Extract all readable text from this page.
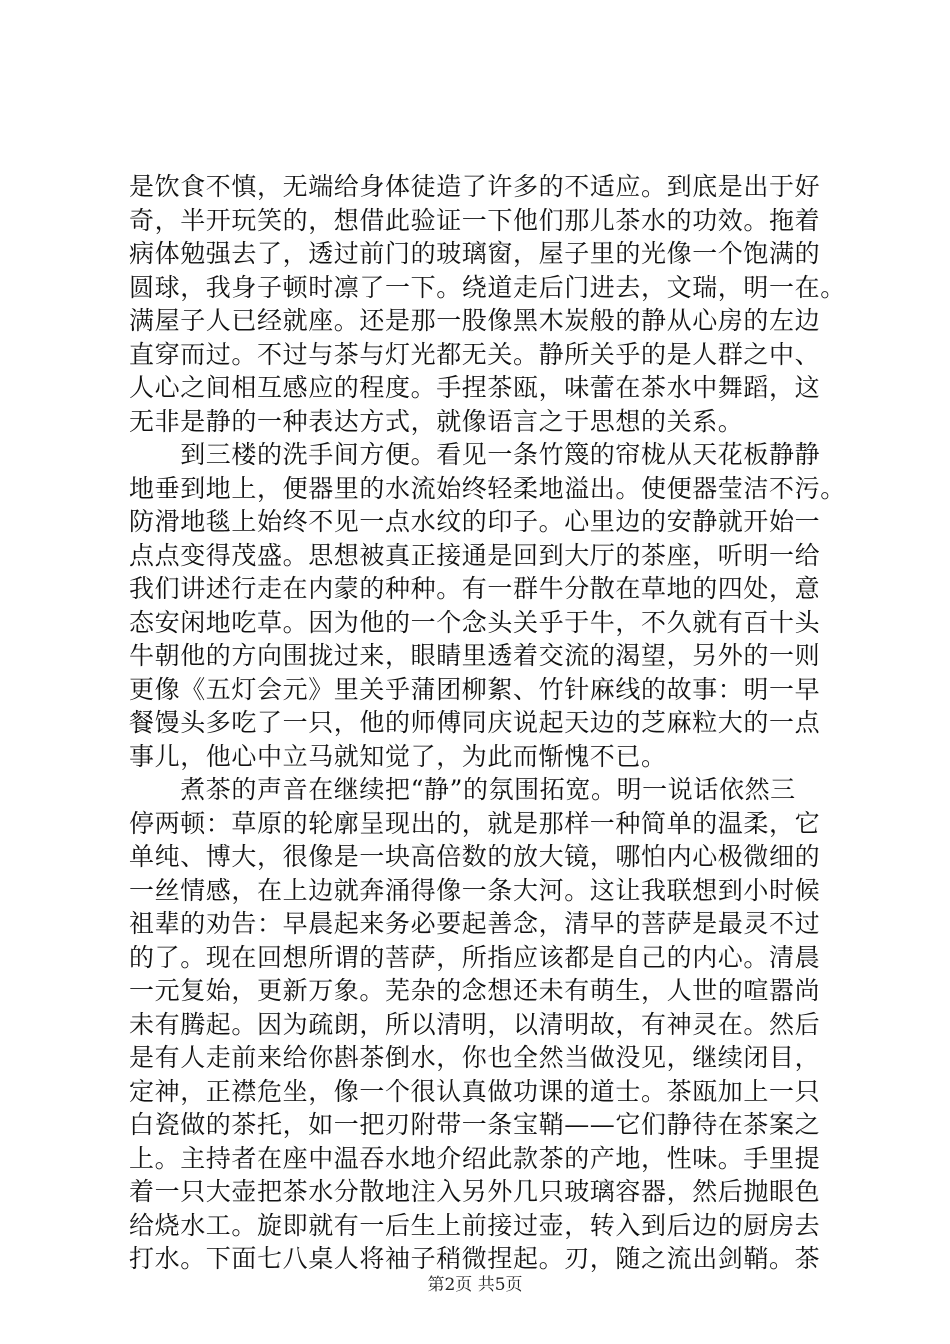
是饮食不慎，无端给身体徒造了许多的不适应。到底是出于好
奇，半开玩笑的，想借此验证一下他们那儿茶水的功效。拖着
病体勉强去了，透过前门的玻璃窗，屋子里的光像一个饱满的
圆球，我身子顿时凛了一下。绕道走后门进去，文瑞，明一在。
满屋子人已经就座。还是那一股像黑木炭般的静从心房的左边
直穿而过。不过与茶与灯光都无关。静所关乎的是人群之中、
人心之间相互感应的程度。手捏茶瓯，味蕾在茶水中舞蹈，这
无非是静的一种表达方式，就像语言之于思想的关系。
　　到三楼的洗手间方便。看见一条竹篾的帘栊从天花板静静
地垂到地上，便器里的水流始终轻柔地溢出。使便器莹洁不污。
防滑地毯上始终不见一点水纹的印子。心里边的安静就开始一
点点变得茂盛。思想被真正接通是回到大厅的茶座，听明一给
我们讲述行走在内蒙的种种。有一群牛分散在草地的四处，意
态安闲地吃草。因为他的一个念头关乎于牛，不久就有百十头
牛朝他的方向围拢过来，眼睛里透着交流的渴望，另外的一则
更像《五灯会元》里关乎蒲团柳絮、竹针麻线的故事：明一早
餐馒头多吃了一只，他的师傅同庆说起天边的芝麻粒大的一点
事儿，他心中立马就知觉了，为此而惭愧不已。
　　煮茶的声音在继续把“静”的氛围拓宽。明一说话依然三
停两顿：草原的轮廓呈现出的，就是那样一种简单的温柔，它
单纯、博大，很像是一块高倍数的放大镜，哪怕内心极微细的
一丝情感，在上边就奔涌得像一条大河。这让我联想到小时候
祖辈的劝告：早晨起来务必要起善念，清早的菩萨是最灵不过
的了。现在回想所谓的菩萨，所指应该都是自己的内心。清晨
一元复始，更新万象。芜杂的念想还未有萌生，人世的喧嚣尚
未有腾起。因为疏朗，所以清明，以清明故，有神灵在。然后
是有人走前来给你斟茶倒水，你也全然当做没见，继续闭目，
定神，正襟危坐，像一个很认真做功课的道士。茶瓯加上一只
白瓷做的茶托，如一把刃附带一条宝鞘——它们静待在茶案之
上。主持者在座中温吞水地介绍此款茶的产地，性味。手里提
着一只大壶把茶水分散地注入另外几只玻璃容器，然后抛眼色
给烧水工。旋即就有一后生上前接过壶，转入到后边的厨房去
打水。下面七八桌人将袖子稍微捏起。刃，随之流出剑鞘。茶
第2页 共5页
